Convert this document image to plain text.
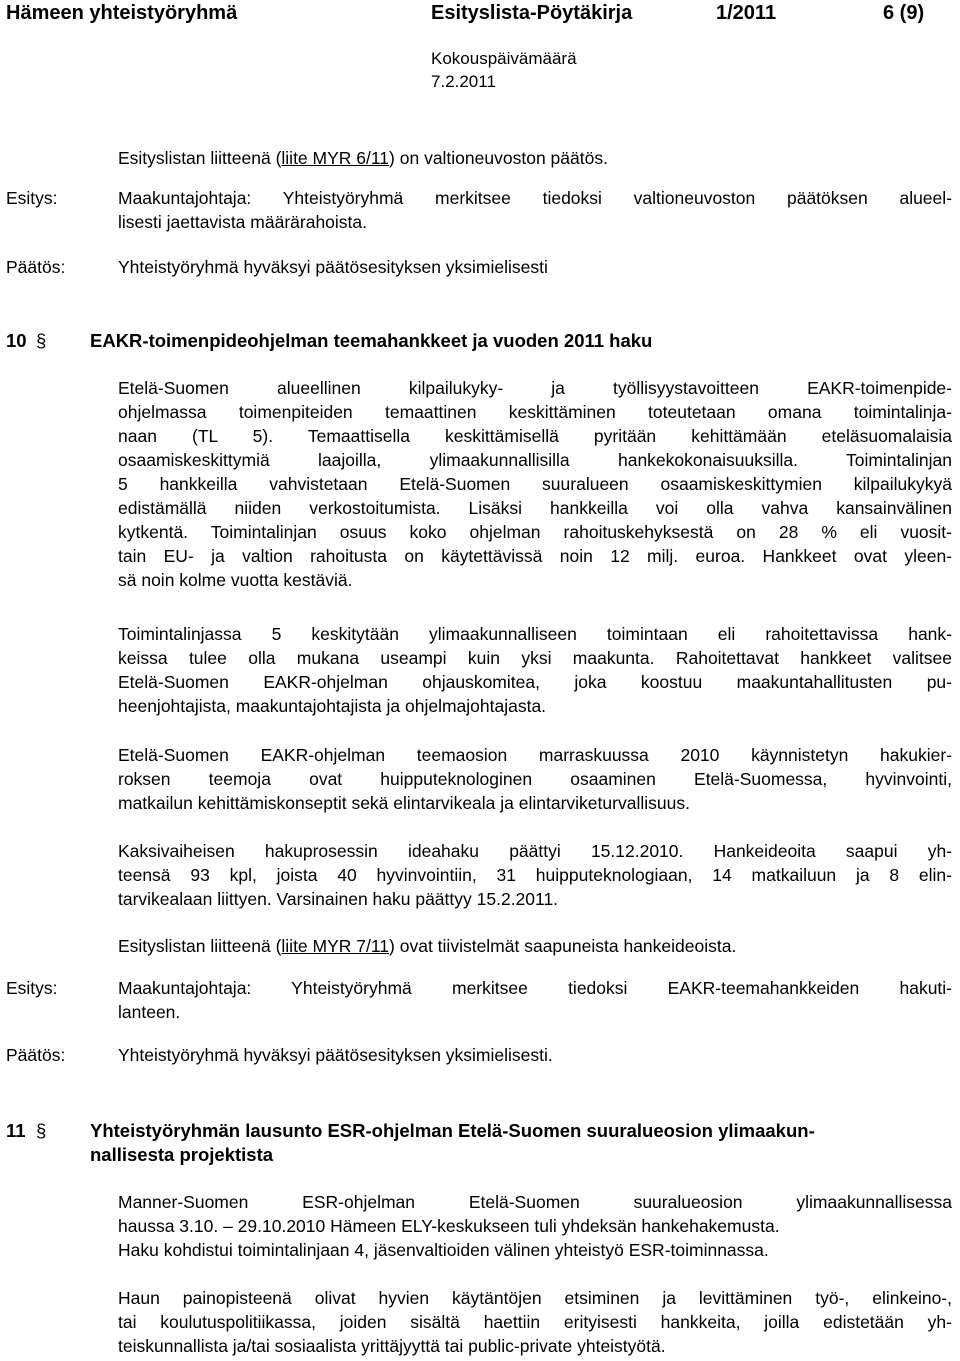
Hämeen yhteistyöryhmä	Esityslista-Pöytäkirja	1/2011	6 (9)
Kokouspäivämäärä
7.2.2011
Esityslistan liitteenä (liite MYR 6/11) on valtioneuvoston päätös.
Esitys:	Maakuntajohtaja: Yhteistyöryhmä merkitsee tiedoksi valtioneuvoston päätöksen alueel-
lisesti jaettavista määrärahoista.
Päätös:	Yhteistyöryhmä hyväksyi päätösesityksen yksimielisesti
10 § EAKR-toimenpideohjelman teemahankkeet ja vuoden 2011 haku
Etelä-Suomen alueellinen kilpailukyky- ja työllisyystavoitteen EAKR-toimenpide-
ohjelmassa toimenpiteiden temaattinen keskittäminen toteutetaan omana toimintalinja-
naan (TL 5). Temaattisella keskittämisellä pyritään kehittämään eteläsuomalaisia
osaamiskeskittymiä laajoilla, ylimaakunnallisilla hankekokonaisuuksilla. Toimintalinjan
5 hankkeilla vahvistetaan Etelä-Suomen suuralueen osaamiskeskittymien kilpailukykyä
edistämällä niiden verkostoitumista. Lisäksi hankkeilla voi olla vahva kansainvälinen
kytkentä. Toimintalinjan osuus koko ohjelman rahoituskehyksestä on 28 % eli vuosit-
tain EU- ja valtion rahoitusta on käytettävissä noin 12 milj. euroa. Hankkeet ovat yleen-
sä noin kolme vuotta kestäviä.
Toimintalinjassa 5 keskitytään ylimaakunnalliseen toimintaan eli rahoitettavissa hank-
keissa tulee olla mukana useampi kuin yksi maakunta. Rahoitettavat hankkeet valitsee
Etelä-Suomen EAKR-ohjelman ohjauskomitea, joka koostuu maakuntahallitusten pu-
heenjohtajista, maakuntajohtajista ja ohjelmajohtajasta.
Etelä-Suomen EAKR-ohjelman teemaosion marraskuussa 2010 käynnistetyn hakukier-
roksen teemoja ovat huipputeknologinen osaaminen Etelä-Suomessa, hyvinvointi,
matkailun kehittämiskonseptit sekä elintarvikeala ja elintarviketurvallisuus.
Kaksivaiheisen hakuprosessin ideahaku päättyi 15.12.2010. Hankeideoita saapui yh-
teensä 93 kpl, joista 40 hyvinvointiin, 31 huipputeknologiaan, 14 matkailuun ja 8 elin-
tarvikealaan liittyen. Varsinainen haku päättyy 15.2.2011.
Esityslistan liitteenä (liite MYR 7/11) ovat tiivistelmät saapuneista hankeideoista.
Esitys:	Maakuntajohtaja: Yhteistyöryhmä merkitsee tiedoksi EAKR-teemahankkeiden hakuti-
lanteen.
Päätös:	Yhteistyöryhmä hyväksyi päätösesityksen yksimielisesti.
11 § Yhteistyöryhmän lausunto ESR-ohjelman Etelä-Suomen suuralueosion ylimaakun-
nallisesta projektista
Manner-Suomen ESR-ohjelman Etelä-Suomen suuralueosion ylimaakunnallisessa
haussa 3.10. – 29.10.2010 Hämeen ELY-keskukseen tuli yhdeksän hankehakemusta.
Haku kohdistui toimintalinjaan 4, jäsenvaltioiden välinen yhteistyö ESR-toiminnassa.
Haun painopisteenä olivat hyvien käytäntöjen etsiminen ja levittäminen työ-, elinkeino-,
tai koulutuspolitiikassa, joiden sisältä haettiin erityisesti hankkeita, joilla edistetään yh-
teiskunnallista ja/tai sosiaalista yrittäjyyttä tai public-private yhteistyötä.
